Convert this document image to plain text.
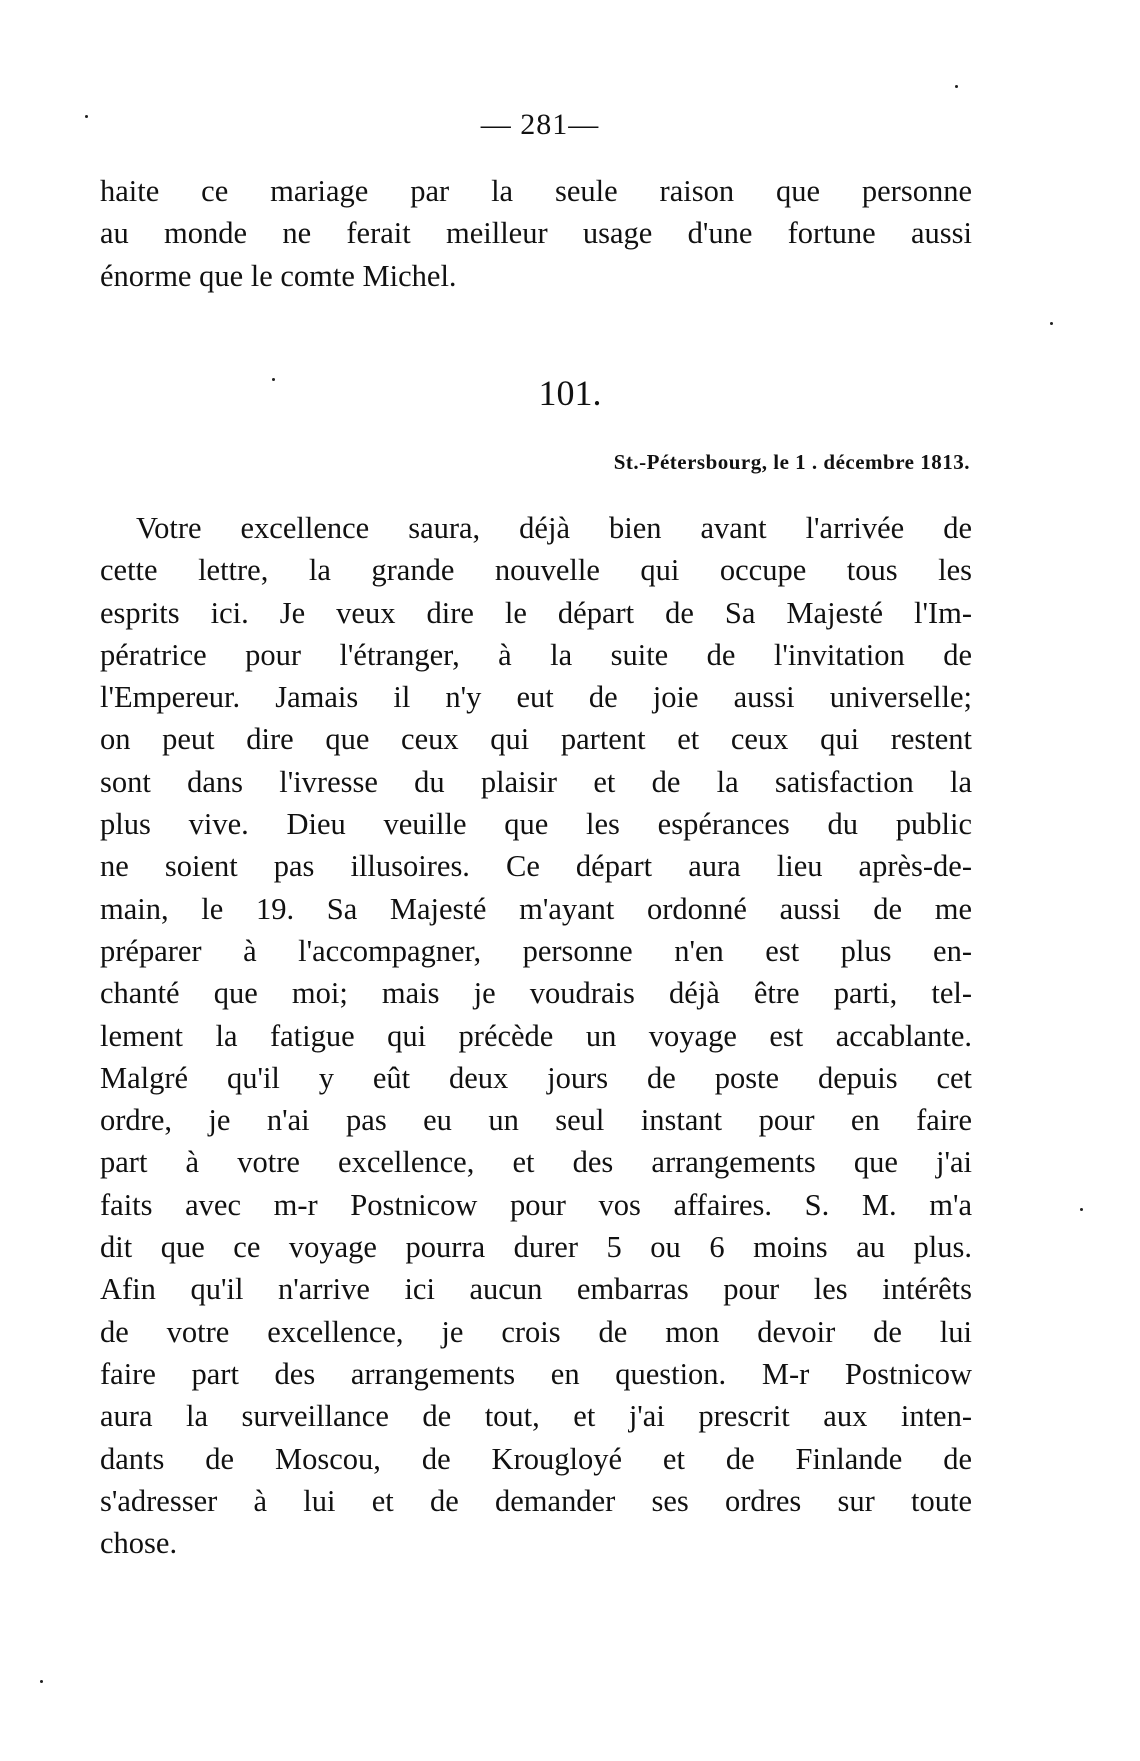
— 281—
haite ce mariage par la seule raison que personne
au monde ne ferait meilleur usage d'une fortune aussi
énorme que le comte Michel.
101.
St.-Pétersbourg, le 1 . décembre 1813.
Votre excellence saura, déjà bien avant l'arrivée de
cette lettre, la grande nouvelle qui occupe tous les
esprits ici. Je veux dire le départ de Sa Majesté l'Im-
pératrice pour l'étranger, à la suite de l'invitation de
l'Empereur. Jamais il n'y eut de joie aussi universelle;
on peut dire que ceux qui partent et ceux qui restent
sont dans l'ivresse du plaisir et de la satisfaction la
plus vive. Dieu veuille que les espérances du public
ne soient pas illusoires. Ce départ aura lieu après-de-
main, le 19. Sa Majesté m'ayant ordonné aussi de me
préparer à l'accompagner, personne n'en est plus en-
chanté que moi; mais je voudrais déjà être parti, tel-
lement la fatigue qui précède un voyage est accablante.
Malgré qu'il y eût deux jours de poste depuis cet
ordre, je n'ai pas eu un seul instant pour en faire
part à votre excellence, et des arrangements que j'ai
faits avec m-r Postnicow pour vos affaires. S. M. m'a
dit que ce voyage pourra durer 5 ou 6 moins au plus.
Afin qu'il n'arrive ici aucun embarras pour les intérêts
de votre excellence, je crois de mon devoir de lui
faire part des arrangements en question. M-r Postnicow
aura la surveillance de tout, et j'ai prescrit aux inten-
dants de Moscou, de Krougloyé et de Finlande de
s'adresser à lui et de demander ses ordres sur toute
chose.
